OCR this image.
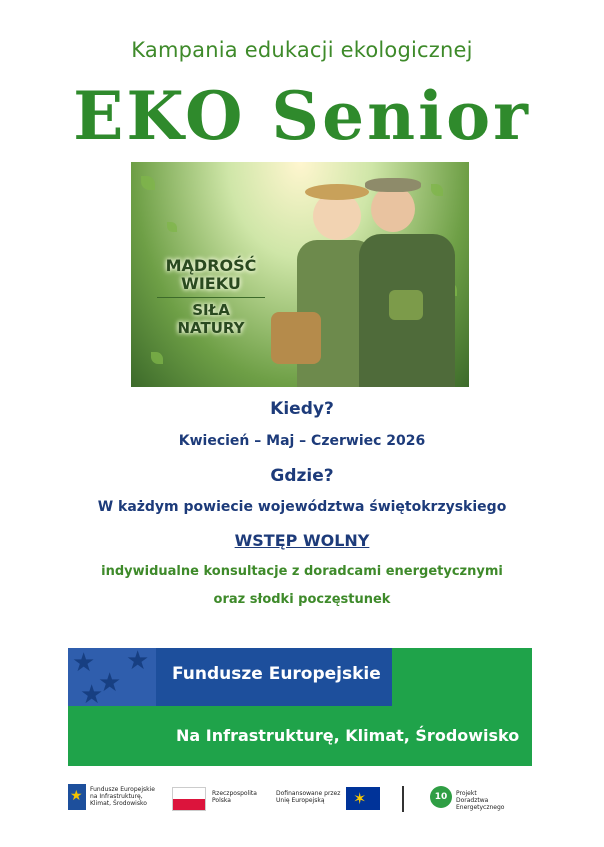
Kampania edukacji ekologicznej
EKO Senior
MĄDROŚĆ
WIEKU
SIŁA NATURY
Kiedy?
Kwiecień – Maj – Czerwiec 2026
Gdzie?
W każdym powiecie województwa świętokrzyskiego
WSTĘP WOLNY
indywidualne konsultacje z doradcami energetycznymi
oraz słodki poczęstunek
★
★
★
★
Fundusze Europejskie
Na Infrastrukturę, Klimat, Środowisko
★ Fundusze Europejskie
na Infrastrukturę,
Klimat, Środowisko
Rzeczpospolita
Polska
Dofinansowane przez
Unię Europejską	✶	10	Projekt
Doradztwa Energetycznego
